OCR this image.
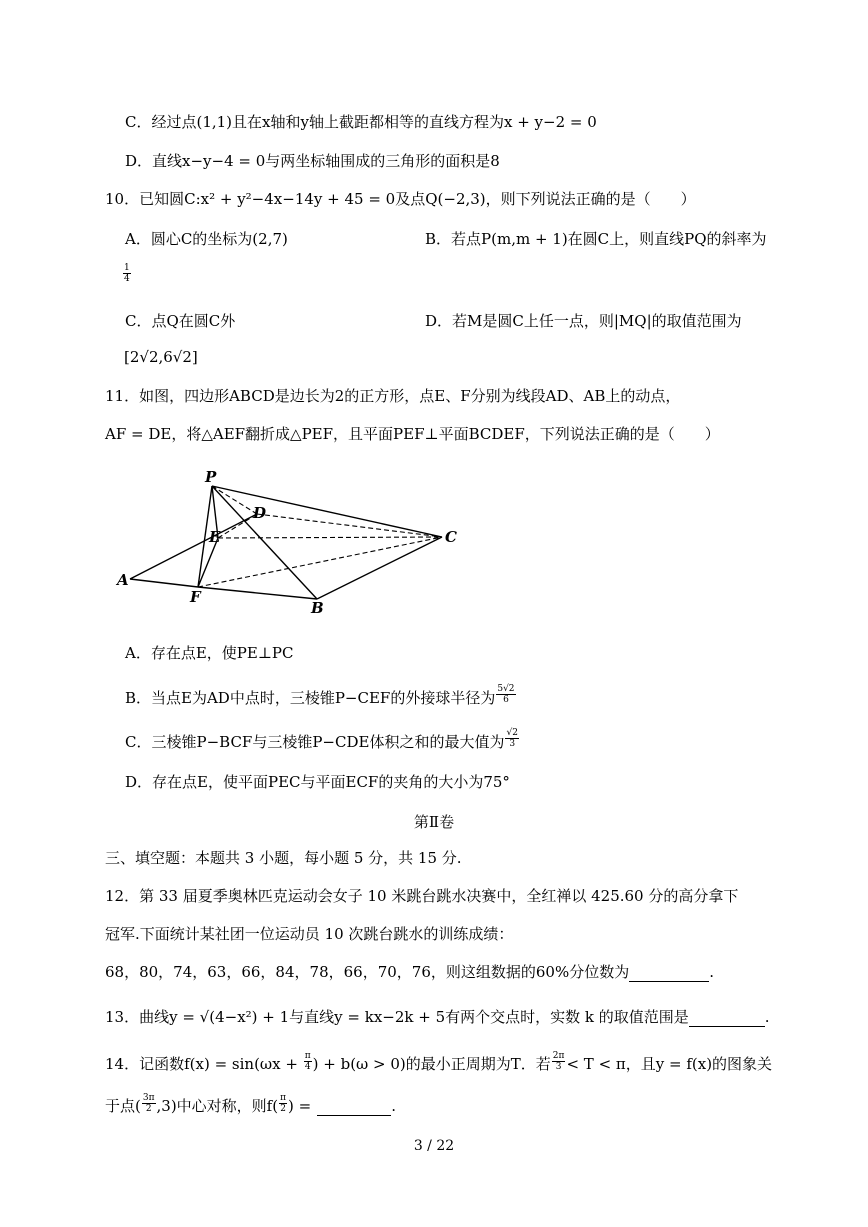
C．经过点(1,1)且在x轴和y轴上截距都相等的直线方程为x + y−2 = 0
D．直线x−y−4 = 0与两坐标轴围成的三角形的面积是8
10．已知圆C:x² + y²−4x−14y + 45 = 0及点Q(−2,3)，则下列说法正确的是（　　）
A．圆心C的坐标为(2,7)	B．若点P(m,m + 1)在圆C上，则直线PQ的斜率为
$\frac{1}{4}$
C．点Q在圆C外	D．若M是圆C上任一点，则|MQ|的取值范围为
[2√2,6√2]
11．如图，四边形ABCD是边长为2的正方形，点E、F分别为线段AD、AB上的动点，
AF = DE，将△AEF翻折成△PEF，且平面PEF⊥平面BCDEF，下列说法正确的是（　　）
P
D
E	C
A
F
B
A．存在点E，使PE⊥PC
B．当点E为AD中点时，三棱锥P−CEF的外接球半径为 $\frac{5√2}{6}$
C．三棱锥P−BCF与三棱锥P−CDE体积之和的最大值为 $\frac{√2}{3}$
D．存在点E，使平面PEC与平面ECF的夹角的大小为75°
第Ⅱ卷
三、填空题：本题共 3 小题，每小题 5 分，共 15 分.
12．第 33 届夏季奥林匹克运动会女子 10 米跳台跳水决赛中，全红禅以 425.60 分的高分拿下
冠军.下面统计某社团一位运动员 10 次跳台跳水的训练成绩：
68，80，74，63，66，84，78，66，70，76，则这组数据的60%分位数为	.
13．曲线y = √(4−x²) + 1与直线y = kx−2k + 5有两个交点时，实数 k 的取值范围是	.
14．记函数$f(x) = \sin(\omega x + \frac{\pi}{4}$ ) + b(ω > 0)的最小正周期为T．若 $\frac{2\pi}{3} < T < \pi$，且y = f(x)的图象关
于点( $\frac{3\pi}{2} ,3$)中心对称，则$f( \frac{\pi}{2}$ ) =	.
3 / 22
